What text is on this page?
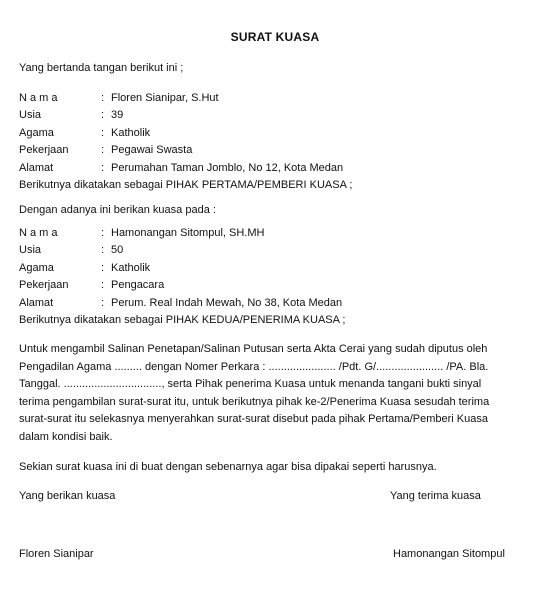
SURAT KUASA
Yang bertanda tangan berikut ini ;
N a m a	: Floren Sianipar, S.Hut
Usia	: 39
Agama	: Katholik
Pekerjaan	: Pegawai Swasta
Alamat	: Perumahan Taman Jomblo, No 12, Kota Medan
Berikutnya dikatakan sebagai PIHAK PERTAMA/PEMBERI KUASA ;
Dengan adanya ini berikan kuasa pada :
N a m a	: Hamonangan Sitompul, SH.MH
Usia	: 50
Agama	: Katholik
Pekerjaan	: Pengacara
Alamat	: Perum. Real Indah Mewah, No 38, Kota Medan
Berikutnya dikatakan sebagai PIHAK KEDUA/PENERIMA KUASA ;
Untuk mengambil Salinan Penetapan/Salinan Putusan serta Akta Cerai yang sudah diputus oleh
Pengadilan Agama ......... dengan Nomer Perkara : ...................... /Pdt. G/...................... /PA. Bla.
Tanggal. ................................, serta Pihak penerima Kuasa untuk menanda tangani bukti sinyal
terima pengambilan surat-surat itu, untuk berikutnya pihak ke-2/Penerima Kuasa sesudah terima
surat-surat itu selekasnya menyerahkan surat-surat disebut pada pihak Pertama/Pemberi Kuasa
dalam kondisi baik.
Sekian surat kuasa ini di buat dengan sebenarnya agar bisa dipakai seperti harusnya.
Yang berikan kuasa	Yang terima kuasa
Floren Sianipar	Hamonangan Sitompul
